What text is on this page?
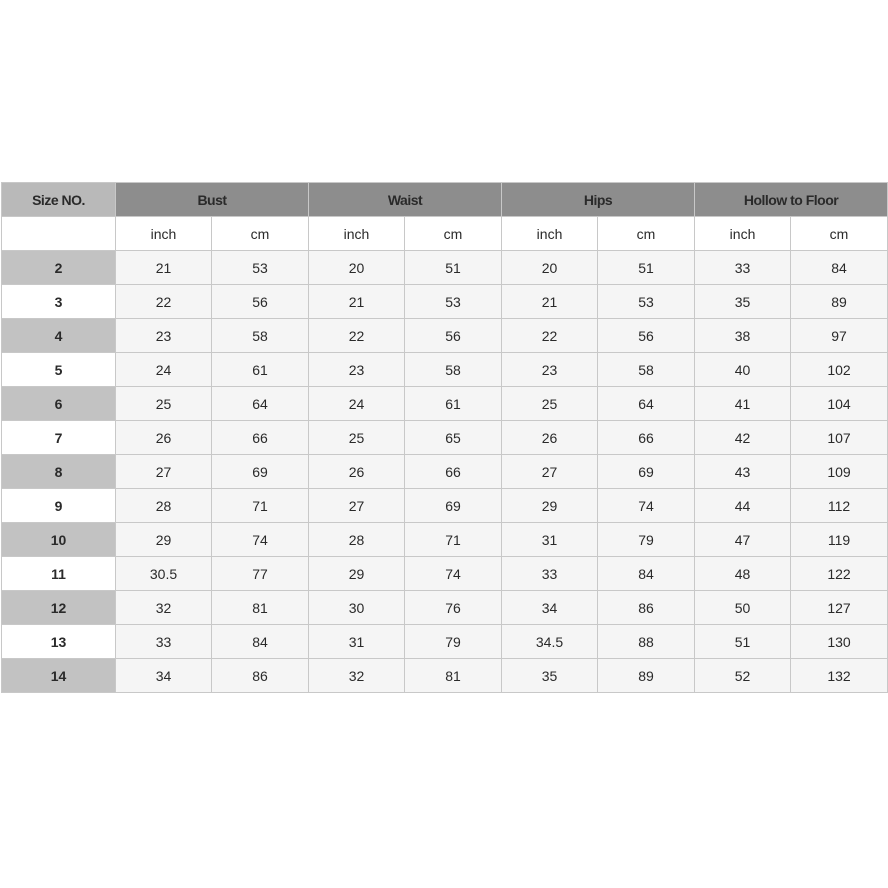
Size NO.	Bust		Waist		Hips		Hollow to Floor	
	inch	cm	inch	cm	inch	cm	inch	cm
2	21	53	20	51	20	51	33	84
3	22	56	21	53	21	53	35	89
4	23	58	22	56	22	56	38	97
5	24	61	23	58	23	58	40	102
6	25	64	24	61	25	64	41	104
7	26	66	25	65	26	66	42	107
8	27	69	26	66	27	69	43	109
9	28	71	27	69	29	74	44	112
10	29	74	28	71	31	79	47	119
11	30.5	77	29	74	33	84	48	122
12	32	81	30	76	34	86	50	127
13	33	84	31	79	34.5	88	51	130
14	34	86	32	81	35	89	52	132
